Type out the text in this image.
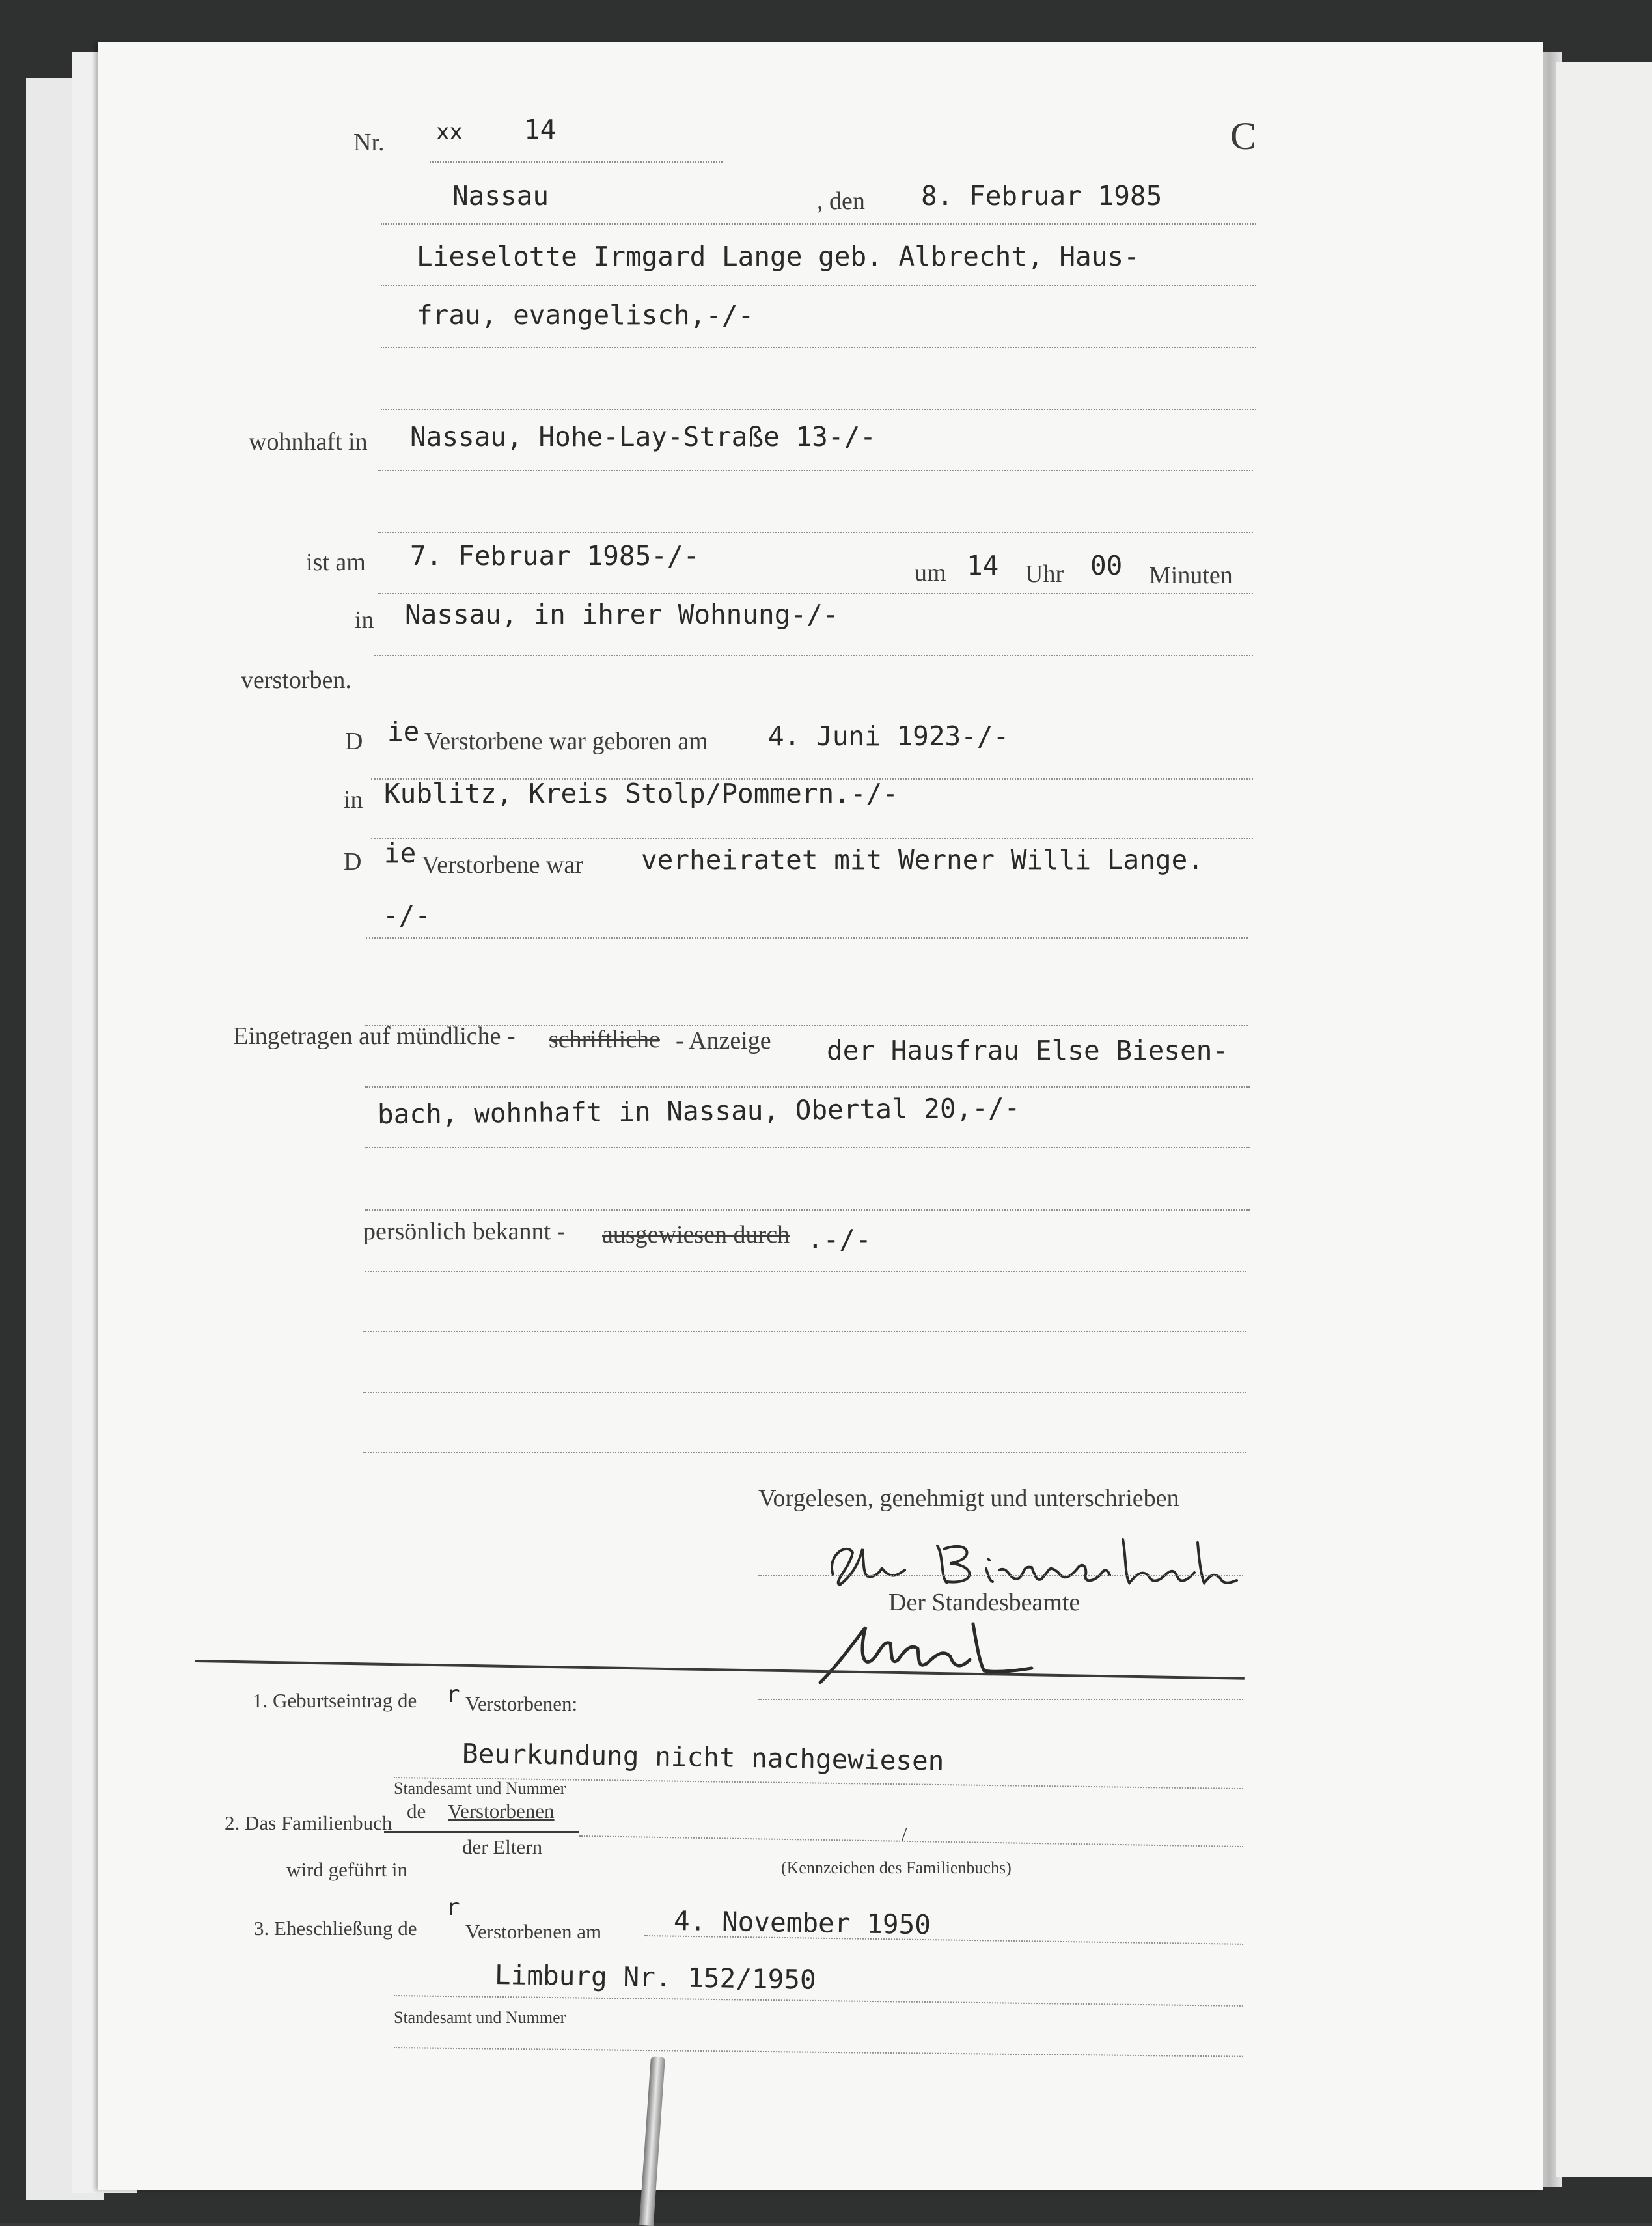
Nr. xx 14	C
Nassau	, den 8. Februar 1985
Lieselotte Irmgard Lange geb. Albrecht, Haus-
frau, evangelisch,-/-
wohnhaft in Nassau, Hohe-Lay-Straße 13-/-
ist am 7. Februar 1985-/-
um 14 Uhr 00 Minuten
in Nassau, in ihrer Wohnung-/-
verstorben.
D ie Verstorbene war geboren am 4. Juni 1923-/-
in Kublitz, Kreis Stolp/Pommern.-/-
D ie Verstorbene war verheiratet mit Werner Willi Lange.
-/-
Eingetragen auf mündliche - schriftliche - Anzeige der Hausfrau Else Biesen-
bach, wohnhaft in Nassau, Obertal 20,-/-
persönlich bekannt - ausgewiesen durch .-/-
Vorgelesen, genehmigt und unterschrieben
Der Standesbeamte
1. Geburtseintrag de r Verstorbenen:
Beurkundung nicht nachgewiesen
Standesamt und Nummer
2. Das Familienbuch
de Verstorbenen
der Eltern
wird geführt in
/
(Kennzeichen des Familienbuchs)
3. Eheschließung de
r
Verstorbenen am	4. November 1950
Limburg Nr. 152/1950
Standesamt und Nummer
